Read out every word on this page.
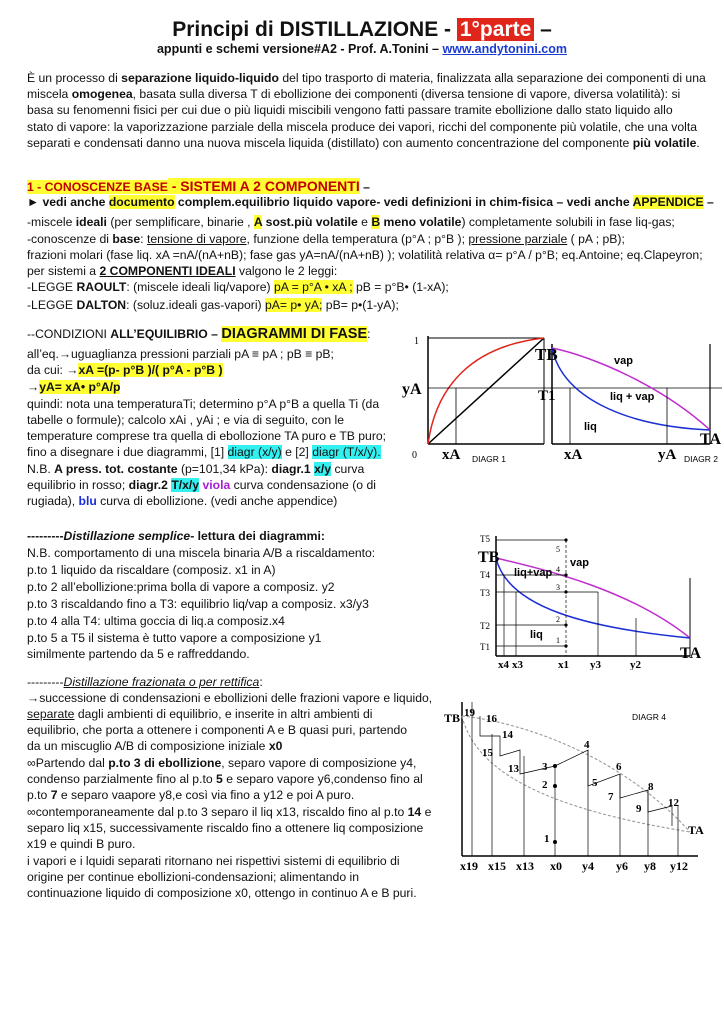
Principi di DISTILLAZIONE - 1°parte –
appunti e schemi versione#A2 - Prof. A.Tonini – www.andytonini.com
È un processo di separazione liquido-liquido del tipo trasporto di materia, finalizzata alla separazione dei componenti di una
miscela omogenea, basata sulla diversa T di ebollizione dei componenti (diversa tensione di vapore, diversa volatilità): si
basa su fenomenni fisici per cui due o più liquidi miscibili vengono fatti passare tramite ebollizione dallo stato liquido allo
stato di vapore: la vaporizzazione parziale della miscela produce dei vapori, ricchi del componente più volatile, che una volta
separati e condensati danno una nuova miscela liquida (distillato) con aumento concentrazione del componente più volatile.
1 - CONOSCENZE BASE - SISTEMI A 2 COMPONENTI –
► vedi anche documento complem.equilibrio liquido vapore- vedi definizioni in chim-fisica – vedi anche APPENDICE –
-miscele ideali (per semplificare, binarie , A sost.più volatile e B meno volatile) completamente solubili in fase liq-gas;
-conoscenze di base: tensione di vapore, funzione della temperatura (p°A ; p°B ); pressione parziale ( pA ; pB);
frazioni molari (fase liq. xA =nA/(nA+nB); fase gas yA=nA/(nA+nB) ); volatilità relativa α= p°A / p°B; eq.Antoine; eq.Clapeyron;
per sistemi a 2 COMPONENTI IDEALI valgono le 2 leggi:
-LEGGE RAOULT: (miscele ideali liq/vapore) pA = p°A • xA ; pB = p°B• (1-xA);
-LEGGE DALTON: (soluz.ideali gas-vapori) pA= p• yA; pB= p•(1-yA);
--CONDIZIONI ALL’EQUILIBRIO – DIAGRAMMI DI FASE:
all’eq.→uguaglianza pressioni parziali pA ≡ pA ; pB ≡ pB;
da cui: →xA =(p- p°B )/( p°A - p°B )
→yA= xA• p°A/p
quindi: nota una temperaturaTi; determino p°A p°B a quella Ti (da
tabelle o formule); calcolo xAi , yAi ; e via di seguito, con le
temperature comprese tra quella di ebollozione TA puro e TB puro;
fino a disegnare i due diagrammi, [1] diagr (x/y) e [2] diagr (T/x/y).
N.B. A press. tot. costante (p=101,34 kPa): diagr.1 x/y curva
equilibrio in rosso; diagr.2 T/x/y viola curva condensazione (o di
rugiada), blu curva di ebollizione. (vedi anche appendice)
---------Distillazione semplice- lettura dei diagrammi:
N.B. comportamento di una miscela binaria A/B a riscaldamento:
p.to 1 liquido da riscaldare (composiz. x1 in A)
p.to 2 all’ebollizione:prima bolla di vapore a composiz. y2
p.to 3 riscaldando fino a T3: equilibrio liq/vap a composiz. x3/y3
p.to 4 alla T4: ultima goccia di liq.a composiz.x4
p.to 5 a T5 il sistema è tutto vapore a composizione y1
similmente partendo da 5 e raffreddando.
---------Distillazione frazionata o per rettifica:
→successione di condensazioni e ebollizioni delle frazioni vapore e liquido,
separate dagli ambienti di equilibrio, e inserite in altri ambienti di
equilibrio, che porta a ottenere i componenti A e B quasi puri, partendo
da un miscuglio A/B di composizione iniziale x0
∞Partendo dal p.to 3 di ebollizione, separo vapore di composizione y4,
condenso parzialmente fino al p.to 5 e separo vapore y6,condenso fino al
p.to 7 e separo vaapore y8,e così via fino a y12 e poi A puro.
∞contemporaneamente dal p.to 3 separo il liq x13, riscaldo fino al p.to 14 e
separo liq x15, successivamente riscaldo fino a ottenere liq composizione
x19 e quindi B puro.
i vapori e i lquidi separati ritornano nei rispettivi sistemi di equilibrio di
origine per continue ebollizioni-condensazioni; alimentando in
continuazione liquido di composizione x0, ottengo in continuo A e B puri.
1
0
yA
xA DIAGR 1
TB
T1
vap
liq + vap
liq
xA	yA
TA
DIAGR 2
TB
T5
T4
T3
T2
T1
liq+vap
vap
liq
5
4
3
2
1
x4 x3	x1 y3	y2
TA
TB	DIAGR 4
TA
19 16
14
15
13 3
2
1
4
5
6
7
8
9 12
x19 x15 x13 x0 y4 y6 y8 y12
